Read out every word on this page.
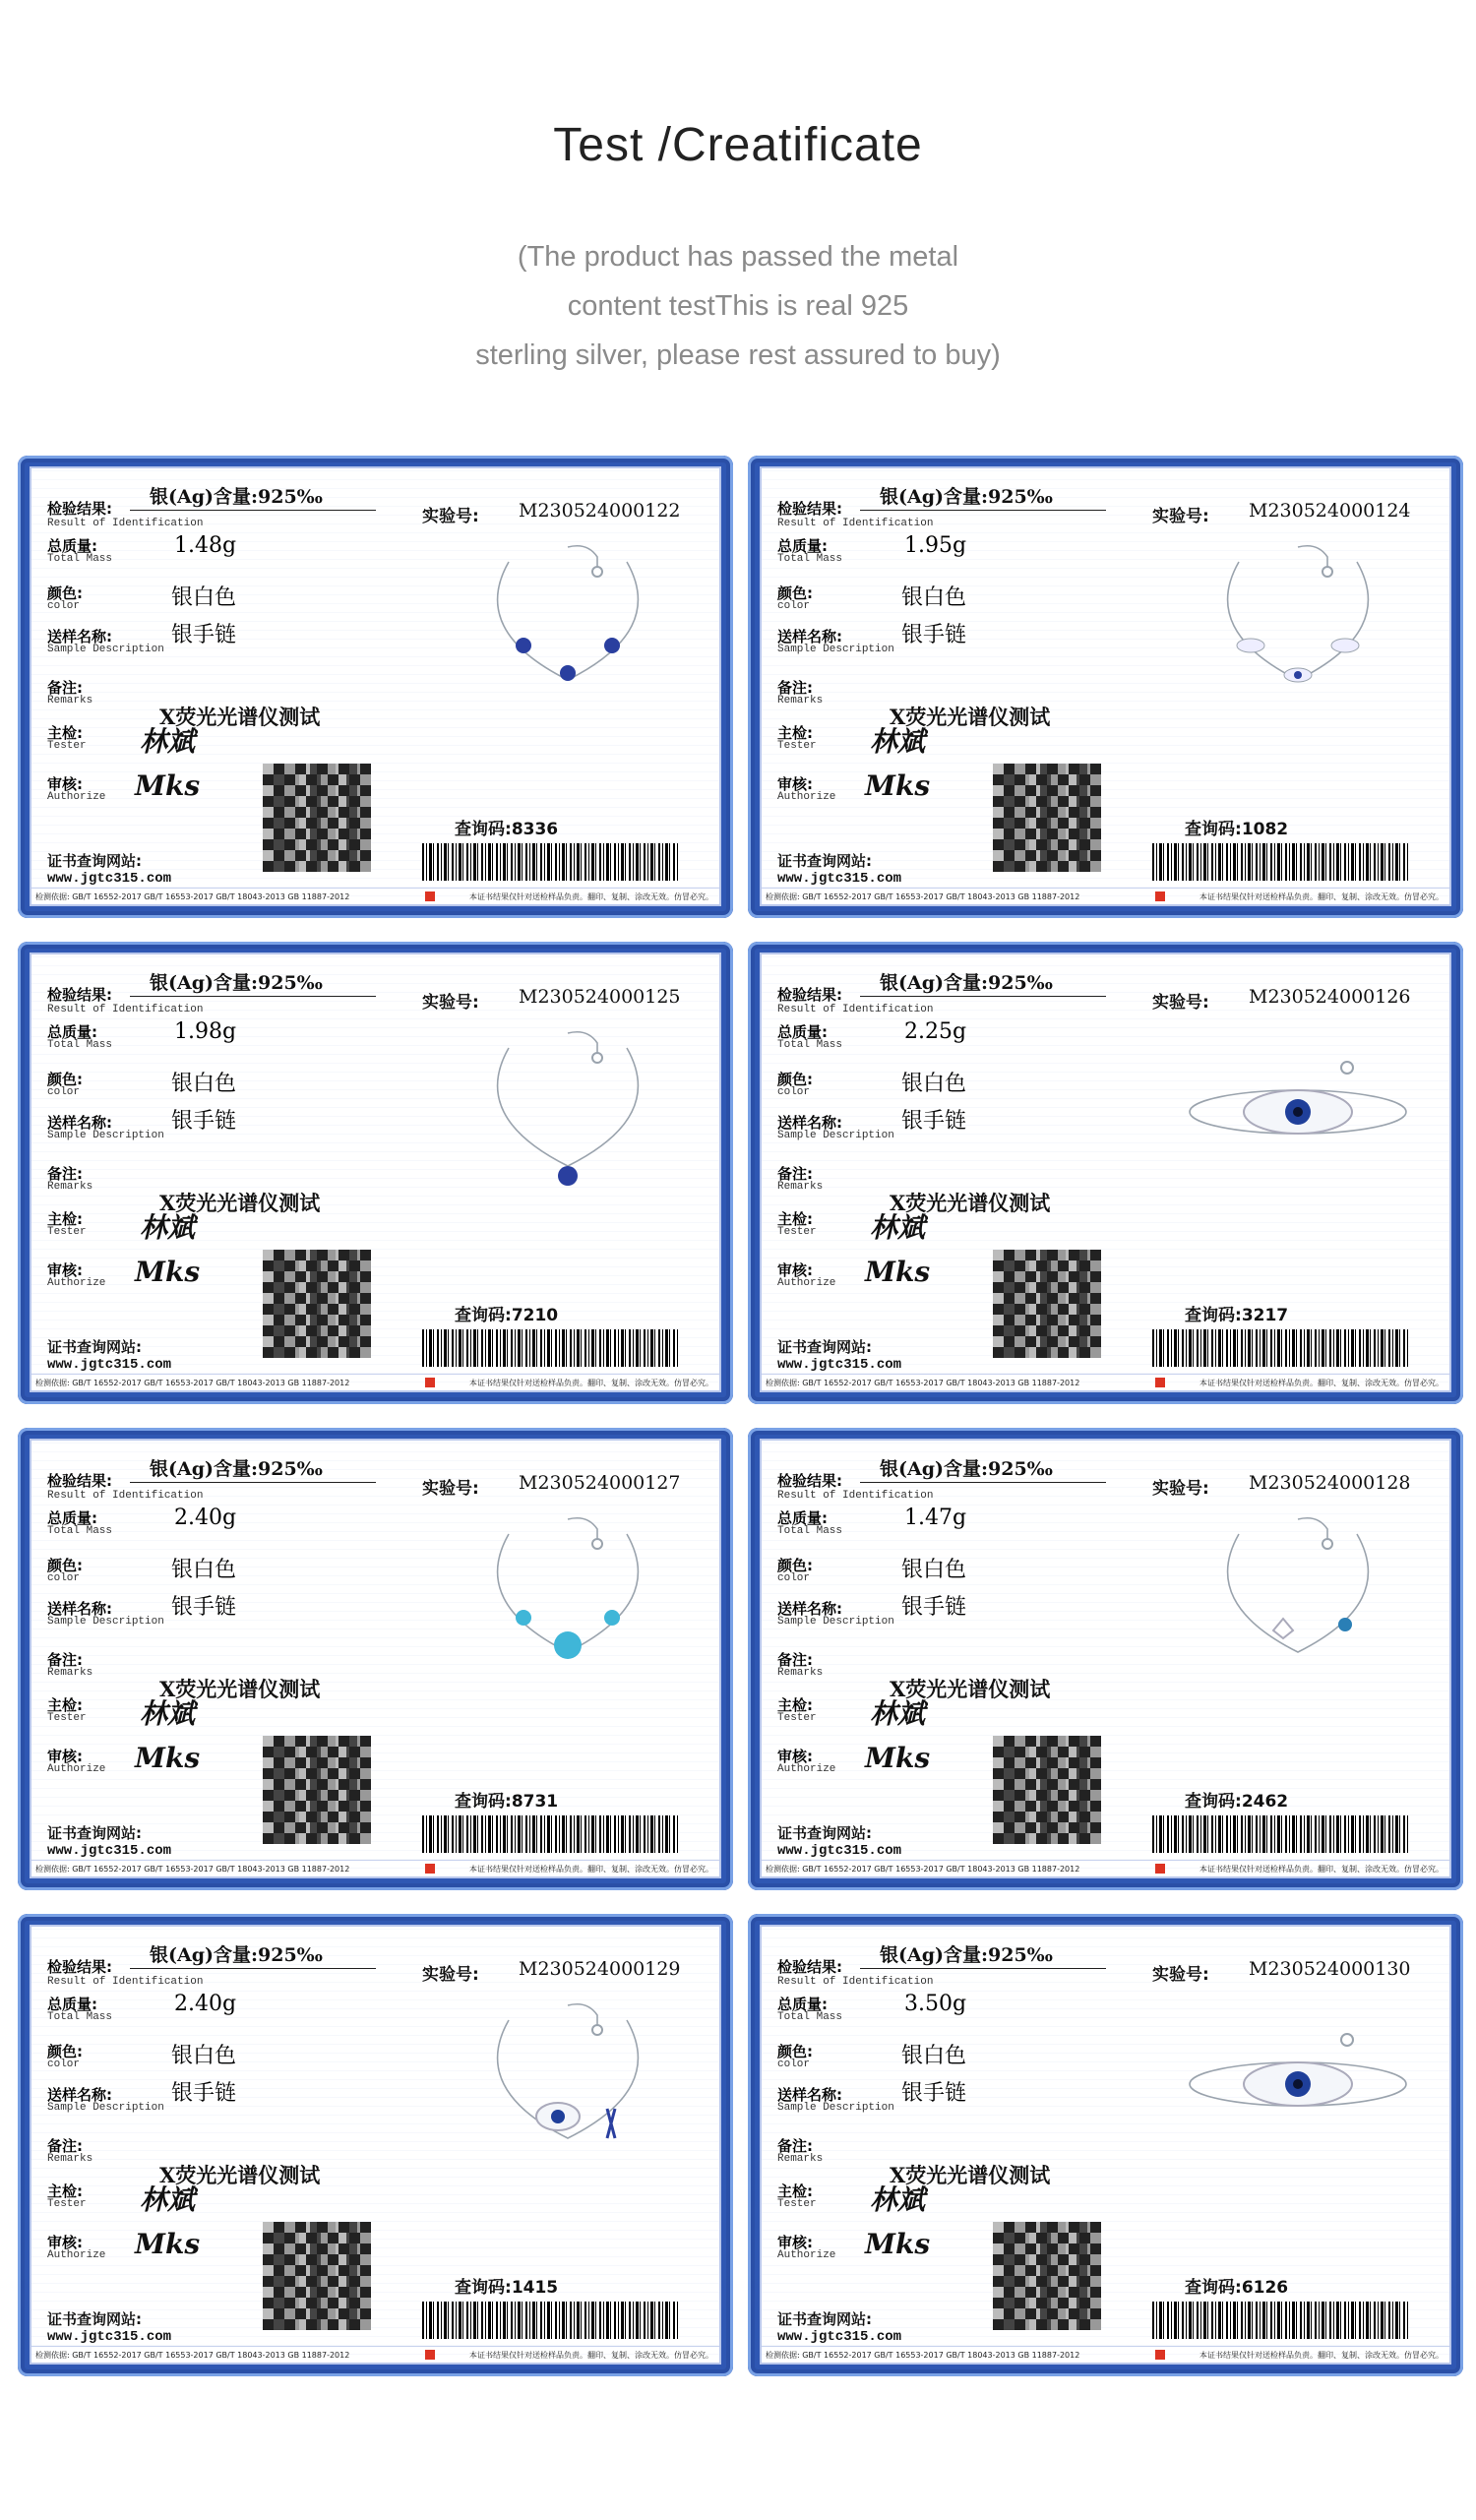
Test /Creatificate
(The product has passed the metal
content testThis is real 925
sterling silver, please rest assured to buy)
检验结果:
银(Ag)含量:925‰
Result of Identification
总质量:
Total Mass
1.48g
颜色:
color	银白色
送样名称:
Sample Description
银手链
备注:
Remarks
X荧光光谱仪测试
主检:
Tester 林斌
审核:
Authorize Mks
证书查询网站:
www.jgtc315.com
实验号: M230524000122
查询码:8336
检测依据: GB/T 16552-2017 GB/T 16553-2017 GB/T 18043-2013 GB 11887-2012	本证书结果仅针对送检样品负责。翻印、复制、涂改无效。仿冒必究。
检验结果:
银(Ag)含量:925‰
Result of Identification
总质量:
Total Mass
1.95g
颜色:
color	银白色
送样名称:
Sample Description
银手链
备注:
Remarks
X荧光光谱仪测试
主检:
Tester 林斌
审核:
Authorize Mks
证书查询网站:
www.jgtc315.com
实验号: M230524000124
查询码:1082
检测依据: GB/T 16552-2017 GB/T 16553-2017 GB/T 18043-2013 GB 11887-2012	本证书结果仅针对送检样品负责。翻印、复制、涂改无效。仿冒必究。
检验结果:
银(Ag)含量:925‰
Result of Identification
总质量:
Total Mass
1.98g
颜色:
color	银白色
送样名称:
Sample Description
银手链
备注:
Remarks
X荧光光谱仪测试
主检:
Tester 林斌
审核:
Authorize Mks
证书查询网站:
www.jgtc315.com
实验号: M230524000125
查询码:7210
检测依据: GB/T 16552-2017 GB/T 16553-2017 GB/T 18043-2013 GB 11887-2012	本证书结果仅针对送检样品负责。翻印、复制、涂改无效。仿冒必究。
检验结果:
银(Ag)含量:925‰
Result of Identification
总质量:
Total Mass
2.25g
颜色:
color	银白色
送样名称:
Sample Description
银手链
备注:
Remarks
X荧光光谱仪测试
主检:
Tester 林斌
审核:
Authorize Mks
证书查询网站:
www.jgtc315.com
实验号: M230524000126
查询码:3217
检测依据: GB/T 16552-2017 GB/T 16553-2017 GB/T 18043-2013 GB 11887-2012	本证书结果仅针对送检样品负责。翻印、复制、涂改无效。仿冒必究。
检验结果:
银(Ag)含量:925‰
Result of Identification
总质量:
Total Mass
2.40g
颜色:
color	银白色
送样名称:
Sample Description
银手链
备注:
Remarks
X荧光光谱仪测试
主检:
Tester 林斌
审核:
Authorize Mks
证书查询网站:
www.jgtc315.com
实验号: M230524000127
查询码:8731
检测依据: GB/T 16552-2017 GB/T 16553-2017 GB/T 18043-2013 GB 11887-2012	本证书结果仅针对送检样品负责。翻印、复制、涂改无效。仿冒必究。
检验结果:
银(Ag)含量:925‰
Result of Identification
总质量:
Total Mass
1.47g
颜色:
color	银白色
送样名称:
Sample Description
银手链
备注:
Remarks
X荧光光谱仪测试
主检:
Tester 林斌
审核:
Authorize Mks
证书查询网站:
www.jgtc315.com
实验号: M230524000128
查询码:2462
检测依据: GB/T 16552-2017 GB/T 16553-2017 GB/T 18043-2013 GB 11887-2012	本证书结果仅针对送检样品负责。翻印、复制、涂改无效。仿冒必究。
检验结果:
银(Ag)含量:925‰
Result of Identification
总质量:
Total Mass
2.40g
颜色:
color	银白色
送样名称:
Sample Description
银手链
备注:
Remarks
X荧光光谱仪测试
主检:
Tester 林斌
审核:
Authorize Mks
证书查询网站:
www.jgtc315.com
实验号: M230524000129
查询码:1415
检测依据: GB/T 16552-2017 GB/T 16553-2017 GB/T 18043-2013 GB 11887-2012	本证书结果仅针对送检样品负责。翻印、复制、涂改无效。仿冒必究。
检验结果:
银(Ag)含量:925‰
Result of Identification
总质量:
Total Mass
3.50g
颜色:
color	银白色
送样名称:
Sample Description
银手链
备注:
Remarks
X荧光光谱仪测试
主检:
Tester 林斌
审核:
Authorize Mks
证书查询网站:
www.jgtc315.com
实验号: M230524000130
查询码:6126
检测依据: GB/T 16552-2017 GB/T 16553-2017 GB/T 18043-2013 GB 11887-2012	本证书结果仅针对送检样品负责。翻印、复制、涂改无效。仿冒必究。
